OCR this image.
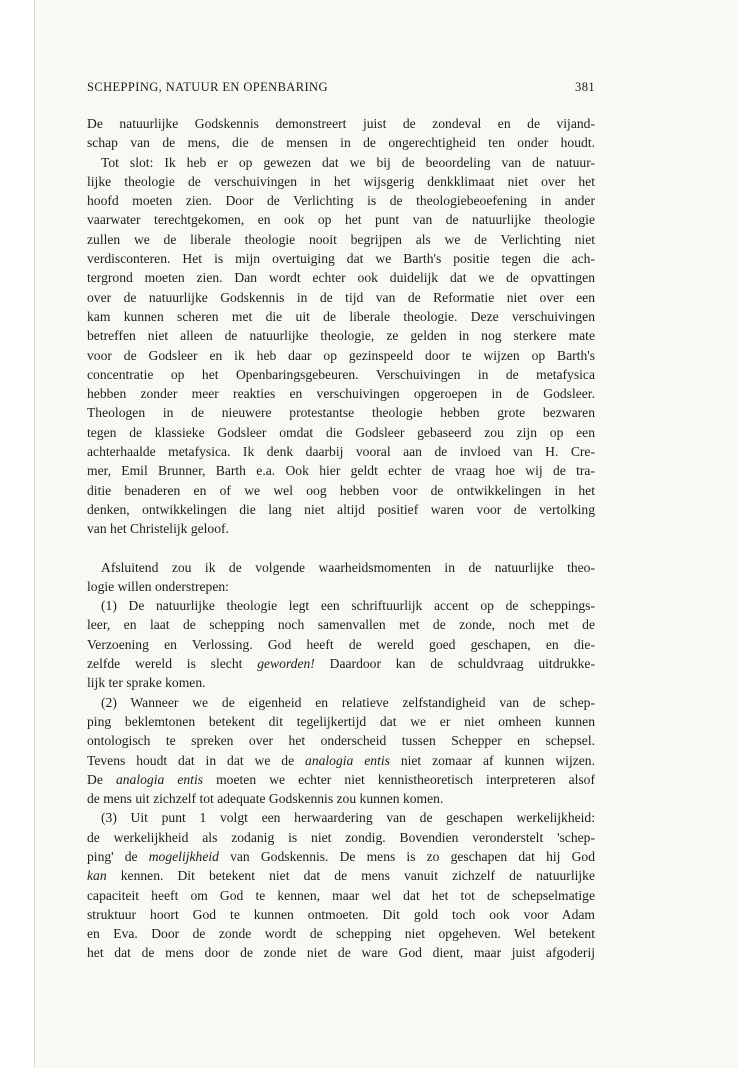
SCHEPPING, NATUUR EN OPENBARING	381
De natuurlijke Godskennis demonstreert juist de zondeval en de vijand-
schap van de mens, die de mensen in de ongerechtigheid ten onder houdt.
Tot slot: Ik heb er op gewezen dat we bij de beoordeling van de natuur-
lijke theologie de verschuivingen in het wijsgerig denkklimaat niet over het
hoofd moeten zien. Door de Verlichting is de theologiebeoefening in ander
vaarwater terechtgekomen, en ook op het punt van de natuurlijke theologie
zullen we de liberale theologie nooit begrijpen als we de Verlichting niet
verdisconteren. Het is mijn overtuiging dat we Barth's positie tegen die ach-
tergrond moeten zien. Dan wordt echter ook duidelijk dat we de opvattingen
over de natuurlijke Godskennis in de tijd van de Reformatie niet over een
kam kunnen scheren met die uit de liberale theologie. Deze verschuivingen
betreffen niet alleen de natuurlijke theologie, ze gelden in nog sterkere mate
voor de Godsleer en ik heb daar op gezinspeeld door te wijzen op Barth's
concentratie op het Openbaringsgebeuren. Verschuivingen in de metafysica
hebben zonder meer reakties en verschuivingen opgeroepen in de Godsleer.
Theologen in de nieuwere protestantse theologie hebben grote bezwaren
tegen de klassieke Godsleer omdat die Godsleer gebaseerd zou zijn op een
achterhaalde metafysica. Ik denk daarbij vooral aan de invloed van H. Cre-
mer, Emil Brunner, Barth e.a. Ook hier geldt echter de vraag hoe wij de tra-
ditie benaderen en of we wel oog hebben voor de ontwikkelingen in het
denken, ontwikkelingen die lang niet altijd positief waren voor de vertolking
van het Christelijk geloof.
Afsluitend zou ik de volgende waarheidsmomenten in de natuurlijke theo-
logie willen onderstrepen:
(1) De natuurlijke theologie legt een schriftuurlijk accent op de scheppings-
leer, en laat de schepping noch samenvallen met de zonde, noch met de
Verzoening en Verlossing. God heeft de wereld goed geschapen, en die-
zelfde wereld is slecht geworden! Daardoor kan de schuldvraag uitdrukke-
lijk ter sprake komen.
(2) Wanneer we de eigenheid en relatieve zelfstandigheid van de schep-
ping beklemtonen betekent dit tegelijkertijd dat we er niet omheen kunnen
ontologisch te spreken over het onderscheid tussen Schepper en schepsel.
Tevens houdt dat in dat we de analogia entis niet zomaar af kunnen wijzen.
De analogia entis moeten we echter niet kennistheoretisch interpreteren alsof
de mens uit zichzelf tot adequate Godskennis zou kunnen komen.
(3) Uit punt 1 volgt een herwaardering van de geschapen werkelijkheid:
de werkelijkheid als zodanig is niet zondig. Bovendien veronderstelt 'schep-
ping' de mogelijkheid van Godskennis. De mens is zo geschapen dat hij God
kan kennen. Dit betekent niet dat de mens vanuit zichzelf de natuurlijke
capaciteit heeft om God te kennen, maar wel dat het tot de schepselmatige
struktuur hoort God te kunnen ontmoeten. Dit gold toch ook voor Adam
en Eva. Door de zonde wordt de schepping niet opgeheven. Wel betekent
het dat de mens door de zonde niet de ware God dient, maar juist afgoderij
